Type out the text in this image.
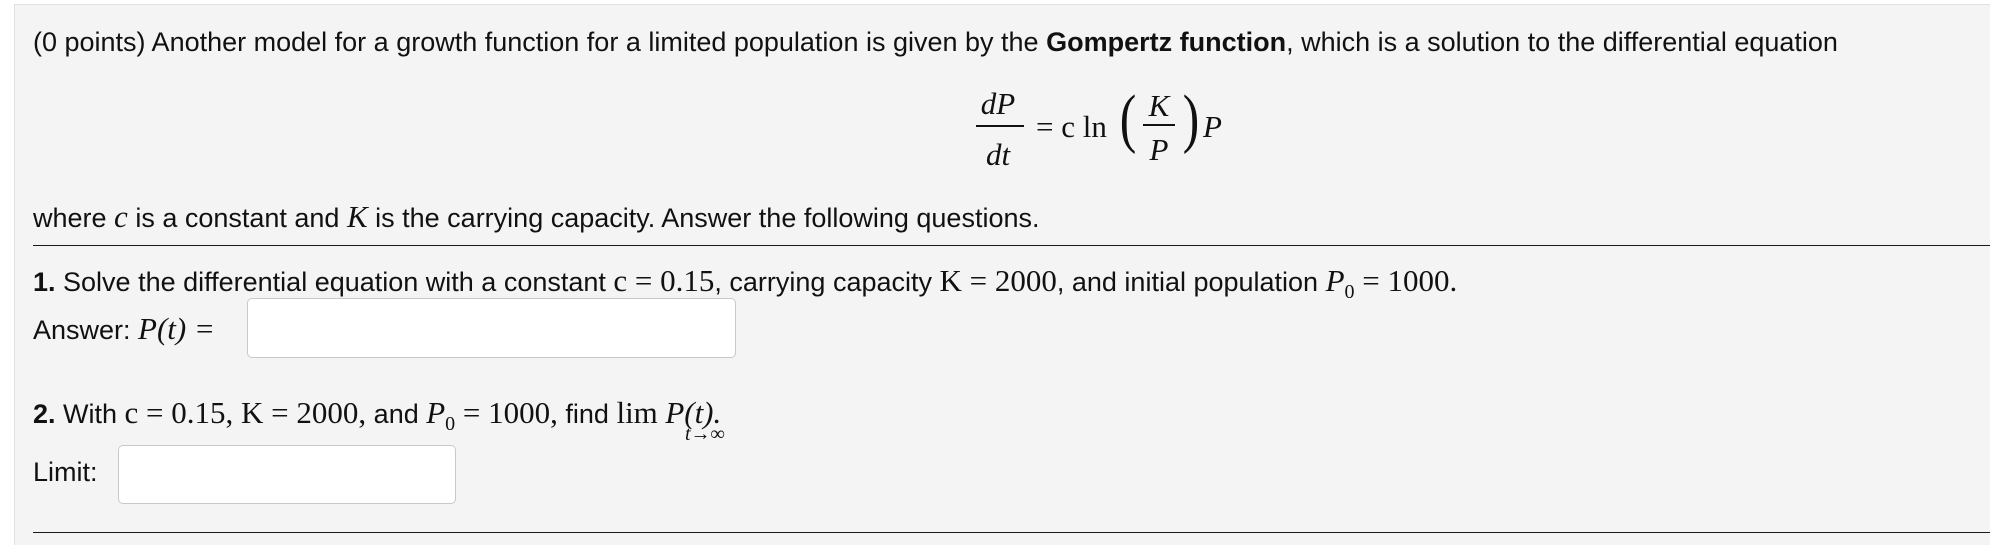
(0 points) Another model for a growth function for a limited population is given by the Gompertz function, which is a solution to the differential equation
dP
dt
= c ln ( K
P ) P
where c is a constant and K is the carrying capacity. Answer the following questions.
1. Solve the differential equation with a constant c = 0.15, carrying capacity K = 2000, and initial population $P_0 = 1000$.
Answer: P(t) =
2. With c = 0.15, K = 2000, and $P_0 = 1000$, find lim P(t).
t→∞
Limit:
